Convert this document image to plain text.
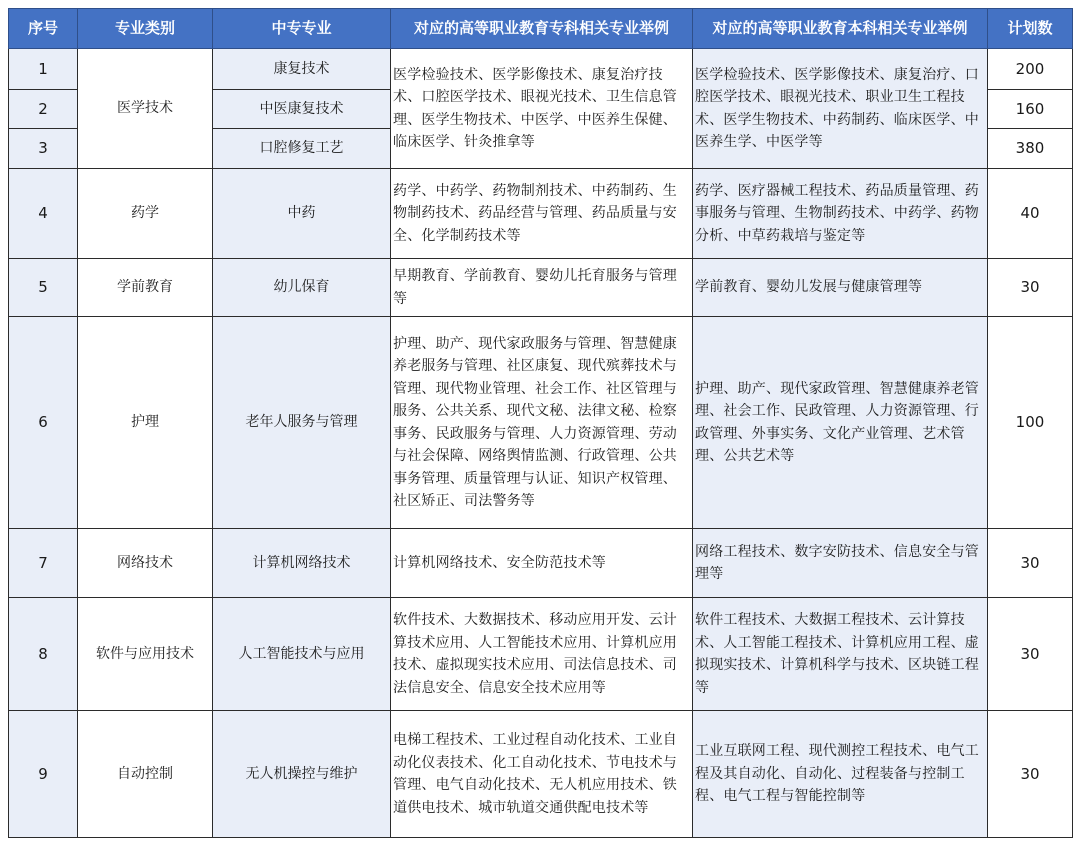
序号	专业类别	中专专业	对应的高等职业教育专科相关专业举例	对应的高等职业教育本科相关专业举例	计划数
1	医学技术	康复技术	医学检验技术、医学影像技术、康复治疗技术、口腔医学技术、眼视光技术、卫生信息管理、医学生物技术、中医学、中医养生保健、临床医学、针灸推拿等	医学检验技术、医学影像技术、康复治疗、口腔医学技术、眼视光技术、职业卫生工程技术、医学生物技术、中药制药、临床医学、中医养生学、中医学等	200
2		中医康复技术			160
3		口腔修复工艺			380
4	药学	中药	药学、中药学、药物制剂技术、中药制药、生物制药技术、药品经营与管理、药品质量与安全、化学制药技术等	药学、医疗器械工程技术、药品质量管理、药事服务与管理、生物制药技术、中药学、药物分析、中草药栽培与鉴定等	40
5	学前教育	幼儿保育	早期教育、学前教育、婴幼儿托育服务与管理等	学前教育、婴幼儿发展与健康管理等	30
6	护理	老年人服务与管理	护理、助产、现代家政服务与管理、智慧健康养老服务与管理、社区康复、现代殡葬技术与管理、现代物业管理、社会工作、社区管理与服务、公共关系、现代文秘、法律文秘、检察事务、民政服务与管理、人力资源管理、劳动与社会保障、网络舆情监测、行政管理、公共事务管理、质量管理与认证、知识产权管理、社区矫正、司法警务等	护理、助产、现代家政管理、智慧健康养老管理、社会工作、民政管理、人力资源管理、行政管理、外事实务、文化产业管理、艺术管理、公共艺术等	100
7	网络技术	计算机网络技术	计算机网络技术、安全防范技术等	网络工程技术、数字安防技术、信息安全与管理等	30
8	软件与应用技术	人工智能技术与应用	软件技术、大数据技术、移动应用开发、云计算技术应用、人工智能技术应用、计算机应用技术、虚拟现实技术应用、司法信息技术、司法信息安全、信息安全技术应用等	软件工程技术、大数据工程技术、云计算技术、人工智能工程技术、计算机应用工程、虚拟现实技术、计算机科学与技术、区块链工程等	30
9	自动控制	无人机操控与维护	电梯工程技术、工业过程自动化技术、工业自动化仪表技术、化工自动化技术、节电技术与管理、电气自动化技术、无人机应用技术、铁道供电技术、城市轨道交通供配电技术等	工业互联网工程、现代测控工程技术、电气工程及其自动化、自动化、过程装备与控制工程、电气工程与智能控制等	30
